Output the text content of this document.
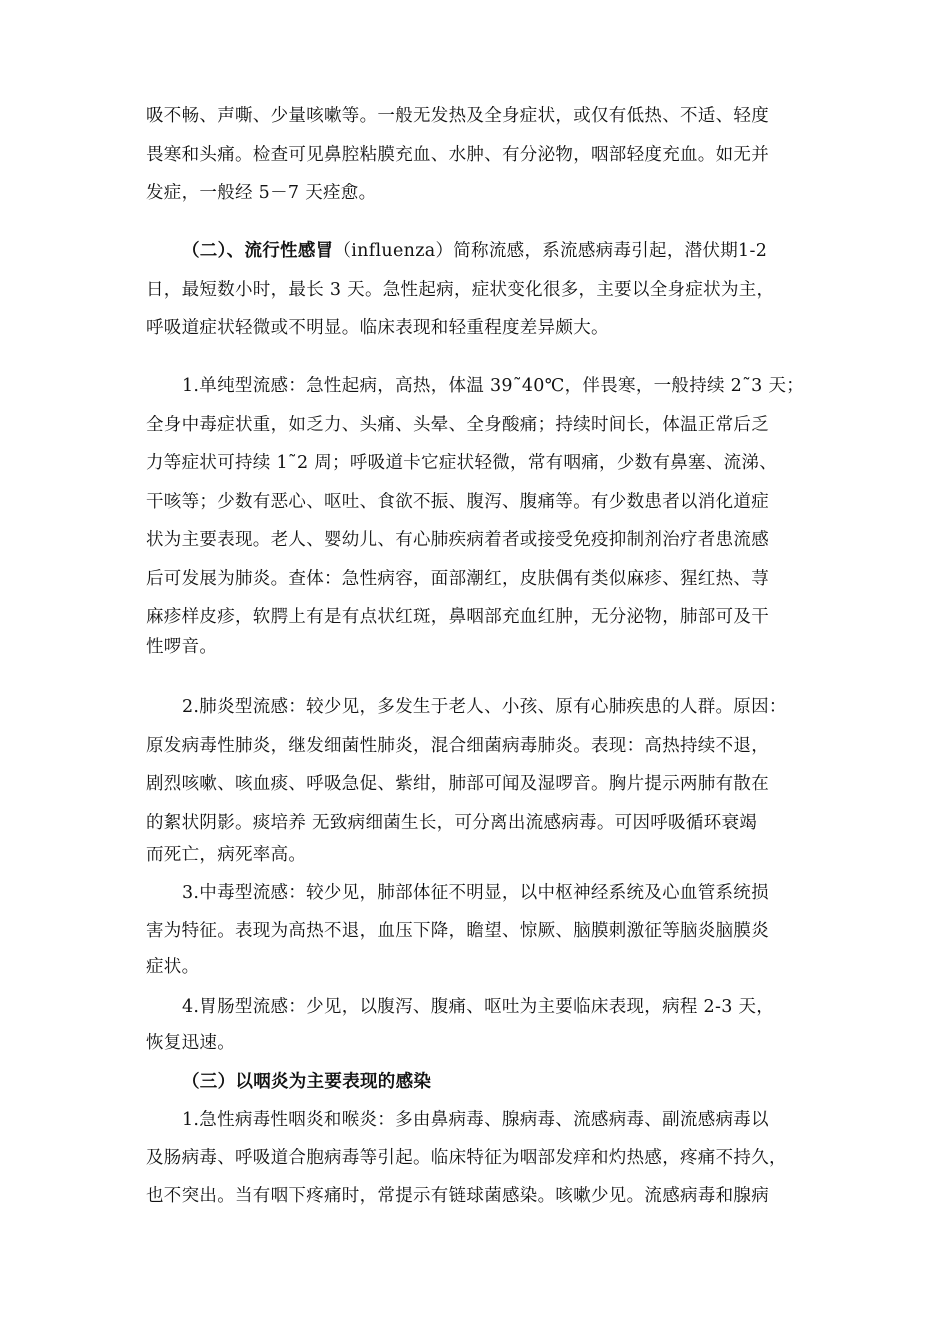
吸不畅、声嘶、少量咳嗽等。一般无发热及全身症状，或仅有低热、不适、轻度
畏寒和头痛。检查可见鼻腔粘膜充血、水肿、有分泌物，咽部轻度充血。如无并
发症，一般经 5－7 天痊愈。
（二）、流行性感冒（influenza）简称流感，系流感病毒引起，潜伏期1-2
日，最短数小时，最长 3 天。急性起病，症状变化很多，主要以全身症状为主，
呼吸道症状轻微或不明显。临床表现和轻重程度差异颇大。
1.单纯型流感：急性起病，高热，体温 39˜40℃，伴畏寒，一般持续 2˜3 天；
全身中毒症状重，如乏力、头痛、头晕、全身酸痛；持续时间长，体温正常后乏
力等症状可持续 1˜2 周；呼吸道卡它症状轻微，常有咽痛，少数有鼻塞、流涕、
干咳等；少数有恶心、呕吐、食欲不振、腹泻、腹痛等。有少数患者以消化道症
状为主要表现。老人、婴幼儿、有心肺疾病着者或接受免疫抑制剂治疗者患流感
后可发展为肺炎。查体：急性病容，面部潮红，皮肤偶有类似麻疹、猩红热、荨
麻疹样皮疹，软腭上有是有点状红斑，鼻咽部充血红肿，无分泌物，肺部可及干
性啰音。
2.肺炎型流感：较少见，多发生于老人、小孩、原有心肺疾患的人群。原因：
原发病毒性肺炎，继发细菌性肺炎，混合细菌病毒肺炎。表现：高热持续不退，
剧烈咳嗽、咳血痰、呼吸急促、紫绀，肺部可闻及湿啰音。胸片提示两肺有散在
的絮状阴影。痰培养 无致病细菌生长，可分离出流感病毒。可因呼吸循环衰竭
而死亡，病死率高。
3.中毒型流感：较少见，肺部体征不明显，以中枢神经系统及心血管系统损
害为特征。表现为高热不退，血压下降，瞻望、惊厥、脑膜刺激征等脑炎脑膜炎
症状。
4.胃肠型流感：少见，以腹泻、腹痛、呕吐为主要临床表现，病程 2-3 天，
恢复迅速。
（三）以咽炎为主要表现的感染
1.急性病毒性咽炎和喉炎：多由鼻病毒、腺病毒、流感病毒、副流感病毒以
及肠病毒、呼吸道合胞病毒等引起。临床特征为咽部发痒和灼热感，疼痛不持久，
也不突出。当有咽下疼痛时，常提示有链球菌感染。咳嗽少见。流感病毒和腺病
